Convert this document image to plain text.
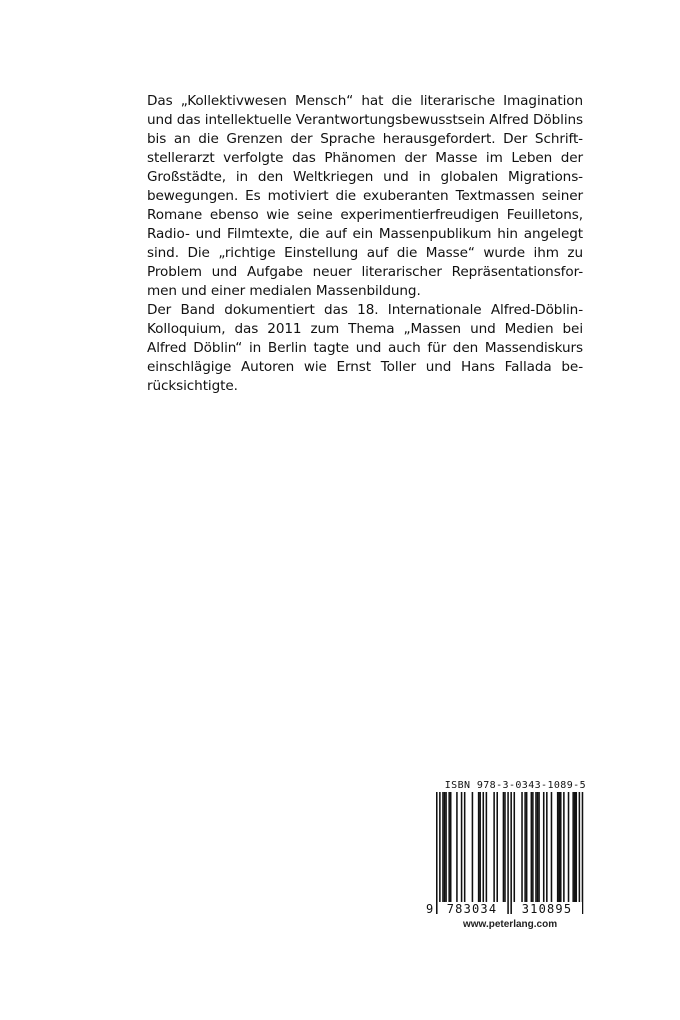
Das „Kollektivwesen Mensch“ hat die literarische Imagination und das intellektuelle Verantwortungsbewusstsein Alfred Döblins bis an die Grenzen der Sprache herausgefordert. Der Schrift-stellerarzt verfolgte das Phänomen der Masse im Leben der Großstädte, in den Weltkriegen und in globalen Migrations-bewegungen. Es motiviert die exuberanten Textmassen seiner Romane ebenso wie seine experimentierfreudigen Feuilletons, Radio- und Filmtexte, die auf ein Massenpublikum hin angelegt sind. Die „richtige Einstellung auf die Masse“ wurde ihm zu Problem und Aufgabe neuer literarischer Repräsentationsfor-men und einer medialen Massenbildung.

Der Band dokumentiert das 18. Internationale Alfred-Döblin-Kolloquium, das 2011 zum Thema „Massen und Medien bei Alfred Döblin“ in Berlin tagte und auch für den Massendiskurs einschlägige Autoren wie Ernst Toller und Hans Fallada be-rücksichtigte.

ISBN 978-3-0343-1089-5
9	783034	310895
www.peterlang.com
